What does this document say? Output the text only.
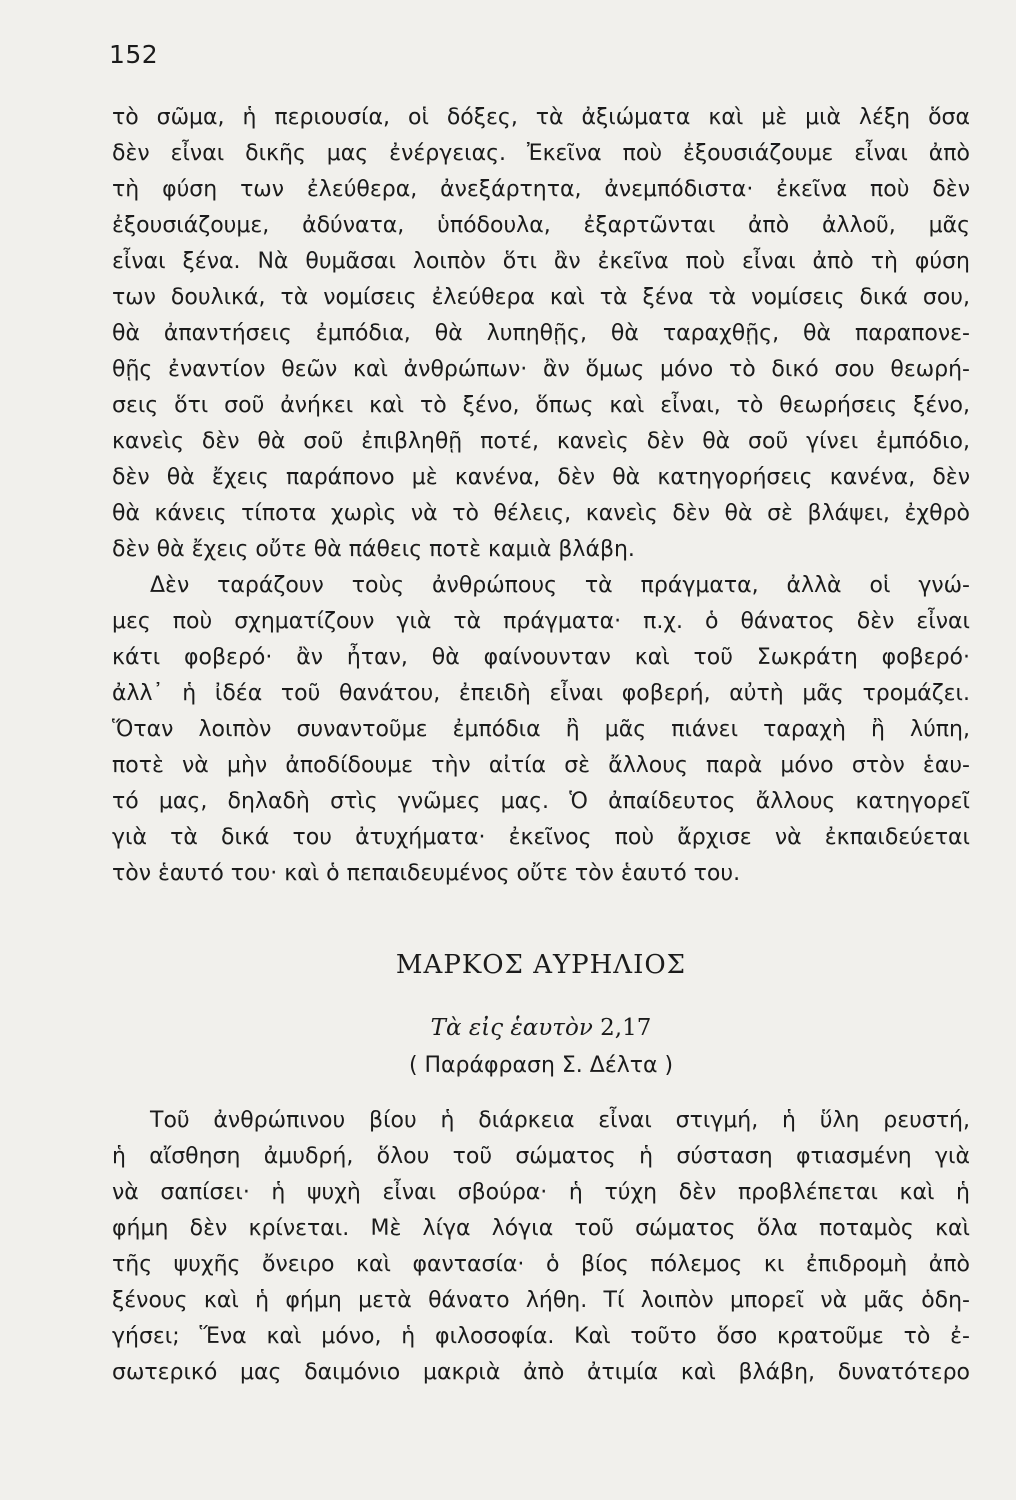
152
τὸ σῶμα, ἡ περιουσία, οἱ δόξες, τὰ ἀξιώματα καὶ μὲ μιὰ λέξη ὅσα
δὲν εἶναι δικῆς μας ἐνέργειας. Ἐκεῖνα ποὺ ἐξουσιάζουμε εἶναι ἀπὸ
τὴ φύση των ἐλεύθερα, ἀνεξάρτητα, ἀνεμπόδιστα· ἐκεῖνα ποὺ δὲν
ἐξουσιάζουμε, ἀδύνατα, ὑπόδουλα, ἐξαρτῶνται ἀπὸ ἀλλοῦ, μᾶς
εἶναι ξένα. Νὰ θυμᾶσαι λοιπὸν ὅτι ἂν ἐκεῖνα ποὺ εἶναι ἀπὸ τὴ φύση
των δουλικά, τὰ νομίσεις ἐλεύθερα καὶ τὰ ξένα τὰ νομίσεις δικά σου,
θὰ ἀπαντήσεις ἐμπόδια, θὰ λυπηθῇς, θὰ ταραχθῇς, θὰ παραπονε-
θῇς ἐναντίον θεῶν καὶ ἀνθρώπων· ἂν ὅμως μόνο τὸ δικό σου θεωρή-
σεις ὅτι σοῦ ἀνήκει καὶ τὸ ξένο, ὅπως καὶ εἶναι, τὸ θεωρήσεις ξένο,
κανεὶς δὲν θὰ σοῦ ἐπιβληθῇ ποτέ, κανεὶς δὲν θὰ σοῦ γίνει ἐμπόδιο,
δὲν θὰ ἔχεις παράπονο μὲ κανένα, δὲν θὰ κατηγορήσεις κανένα, δὲν
θὰ κάνεις τίποτα χωρὶς νὰ τὸ θέλεις, κανεὶς δὲν θὰ σὲ βλάψει, ἐχθρὸ
δὲν θὰ ἔχεις οὔτε θὰ πάθεις ποτὲ καμιὰ βλάβη.
Δὲν ταράζουν τοὺς ἀνθρώπους τὰ πράγματα, ἀλλὰ οἱ γνώ-
μες ποὺ σχηματίζουν γιὰ τὰ πράγματα· π.χ. ὁ θάνατος δὲν εἶναι
κάτι φοβερό· ἂν ἦταν, θὰ φαίνουνταν καὶ τοῦ Σωκράτη φοβερό·
ἀλλ᾽ ἡ ἰδέα τοῦ θανάτου, ἐπειδὴ εἶναι φοβερή, αὐτὴ μᾶς τρομάζει.
Ὅταν λοιπὸν συναντοῦμε ἐμπόδια ἢ μᾶς πιάνει ταραχὴ ἢ λύπη,
ποτὲ νὰ μὴν ἀποδίδουμε τὴν αἰτία σὲ ἄλλους παρὰ μόνο στὸν ἑαυ-
τό μας, δηλαδὴ στὶς γνῶμες μας. Ὁ ἀπαίδευτος ἄλλους κατηγορεῖ
γιὰ τὰ δικά του ἀτυχήματα· ἐκεῖνος ποὺ ἄρχισε νὰ ἐκπαιδεύεται
τὸν ἑαυτό του· καὶ ὁ πεπαιδευμένος οὔτε τὸν ἑαυτό του.
ΜΑΡΚΟΣ ΑΥΡΗΛΙΟΣ
Τὰ εἰς ἑαυτὸν 2,17
( Παράφραση Σ. Δέλτα )
Τοῦ ἀνθρώπινου βίου ἡ διάρκεια εἶναι στιγμή, ἡ ὕλη ρευστή,
ἡ αἴσθηση ἀμυδρή, ὅλου τοῦ σώματος ἡ σύσταση φτιασμένη γιὰ
νὰ σαπίσει· ἡ ψυχὴ εἶναι σβούρα· ἡ τύχη δὲν προβλέπεται καὶ ἡ
φήμη δὲν κρίνεται. Μὲ λίγα λόγια τοῦ σώματος ὅλα ποταμὸς καὶ
τῆς ψυχῆς ὄνειρο καὶ φαντασία· ὁ βίος πόλεμος κι ἐπιδρομὴ ἀπὸ
ξένους καὶ ἡ φήμη μετὰ θάνατο λήθη. Τί λοιπὸν μπορεῖ νὰ μᾶς ὁδη-
γήσει; Ἕνα καὶ μόνο, ἡ φιλοσοφία. Καὶ τοῦτο ὅσο κρατοῦμε τὸ ἐ-
σωτερικό μας δαιμόνιο μακριὰ ἀπὸ ἀτιμία καὶ βλάβη, δυνατότερο
